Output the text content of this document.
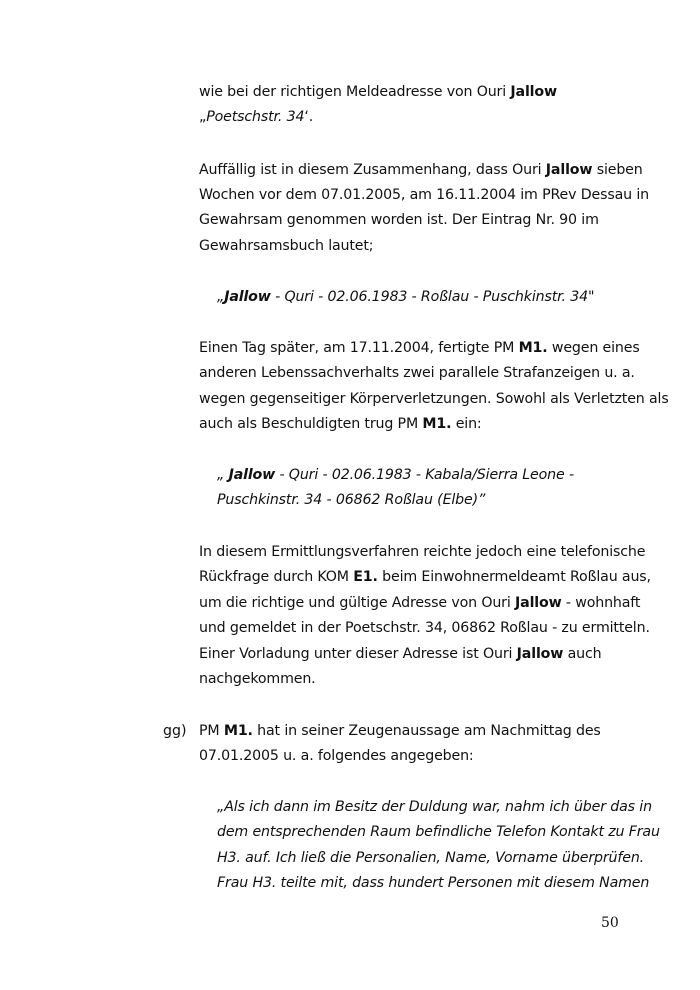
wie bei der richtigen Meldeadresse von Ouri Jallow
„Poetschstr. 34‘.
Auffällig ist in diesem Zusammenhang, dass Ouri Jallow sieben
Wochen vor dem 07.01.2005, am 16.11.2004 im PRev Dessau in
Gewahrsam genommen worden ist. Der Eintrag Nr. 90 im
Gewahrsamsbuch lautet;
„Jallow - Quri - 02.06.1983 - Roßlau - Puschkinstr. 34"
Einen Tag später, am 17.11.2004, fertigte PM M1. wegen eines
anderen Lebenssachverhalts zwei parallele Strafanzeigen u. a.
wegen gegenseitiger Körperverletzungen. Sowohl als Verletzten als
auch als Beschuldigten trug PM M1. ein:
„ Jallow - Quri - 02.06.1983 - Kabala/Sierra Leone -
Puschkinstr. 34 - 06862 Roßlau (Elbe)”
In diesem Ermittlungsverfahren reichte jedoch eine telefonische
Rückfrage durch KOM E1. beim Einwohnermeldeamt Roßlau aus,
um die richtige und gültige Adresse von Ouri Jallow - wohnhaft
und gemeldet in der Poetschstr. 34, 06862 Roßlau - zu ermitteln.
Einer Vorladung unter dieser Adresse ist Ouri Jallow auch
nachgekommen.
gg) PM M1. hat in seiner Zeugenaussage am Nachmittag des
07.01.2005 u. a. folgendes angegeben:
„Als ich dann im Besitz der Duldung war, nahm ich über das in
dem entsprechenden Raum befindliche Telefon Kontakt zu Frau
H3. auf. Ich ließ die Personalien, Name, Vorname überprüfen.
Frau H3. teilte mit, dass hundert Personen mit diesem Namen
50
